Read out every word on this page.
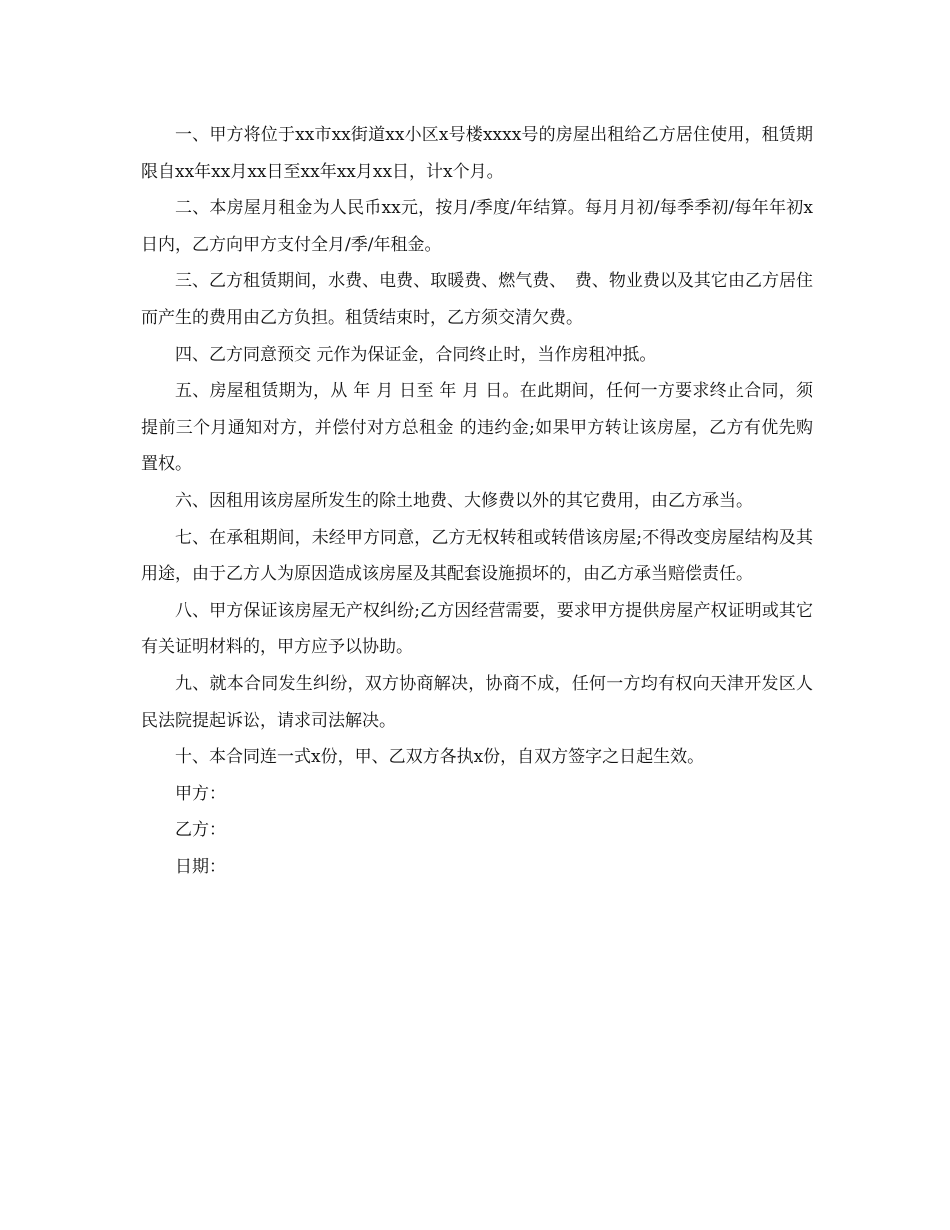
一、甲方将位于xx市xx街道xx小区x号楼xxxx号的房屋出租给乙方居住使用，租赁期限自xx年xx月xx日至xx年xx月xx日，计x个月。

二、本房屋月租金为人民币xx元，按月/季度/年结算。每月月初/每季季初/每年年初x日内，乙方向甲方支付全月/季/年租金。

三、乙方租赁期间，水费、电费、取暖费、燃气费、　费、物业费以及其它由乙方居住而产生的费用由乙方负担。租赁结束时，乙方须交清欠费。

四、乙方同意预交 元作为保证金，合同终止时，当作房租冲抵。

五、房屋租赁期为，从 年 月 日至 年 月 日。在此期间，任何一方要求终止合同，须提前三个月通知对方，并偿付对方总租金 的违约金;如果甲方转让该房屋，乙方有优先购置权。

六、因租用该房屋所发生的除土地费、大修费以外的其它费用，由乙方承当。

七、在承租期间，未经甲方同意，乙方无权转租或转借该房屋;不得改变房屋结构及其用途，由于乙方人为原因造成该房屋及其配套设施损坏的，由乙方承当赔偿责任。

八、甲方保证该房屋无产权纠纷;乙方因经营需要，要求甲方提供房屋产权证明或其它有关证明材料的，甲方应予以协助。

九、就本合同发生纠纷，双方协商解决，协商不成，任何一方均有权向天津开发区人民法院提起诉讼，请求司法解决。

十、本合同连一式x份，甲、乙双方各执x份，自双方签字之日起生效。

甲方：

乙方：

日期：
